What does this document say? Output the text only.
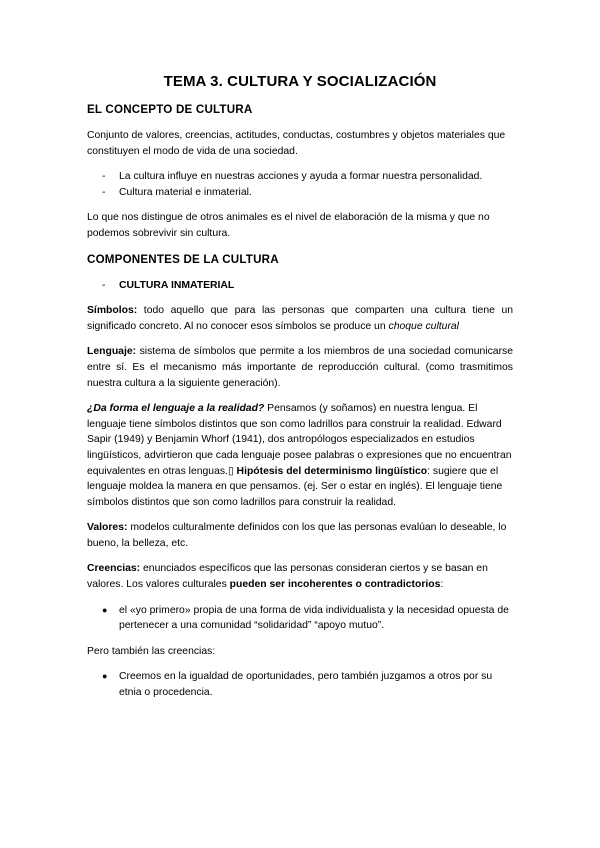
TEMA 3. CULTURA Y SOCIALIZACIÓN
EL CONCEPTO DE CULTURA

Conjunto de valores, creencias, actitudes, conductas, costumbres y objetos materiales que constituyen el modo de vida de una sociedad.

- La cultura influye en nuestras acciones y ayuda a formar nuestra personalidad.
- Cultura material e inmaterial.

Lo que nos distingue de otros animales es el nivel de elaboración de la misma y que no podemos sobrevivir sin cultura.

COMPONENTES DE LA CULTURA
- CULTURA INMATERIAL

Símbolos: todo aquello que para las personas que comparten una cultura tiene un significado concreto. Al no conocer esos símbolos se produce un choque cultural

Lenguaje: sistema de símbolos que permite a los miembros de una sociedad comunicarse entre sí. Es el mecanismo más importante de reproducción cultural. (como trasmitimos nuestra cultura a la siguiente generación).

¿Da forma el lenguaje a la realidad? Pensamos (y soñamos) en nuestra lengua. El lenguaje tiene símbolos distintos que son como ladrillos para construir la realidad. Edward Sapir (1949) y Benjamin Whorf (1941), dos antropólogos especializados en estudios lingüísticos, advirtieron que cada lenguaje posee palabras o expresiones que no encuentran equivalentes en otras lenguas.▯ Hipótesis del determinismo lingüístico: sugiere que el lenguaje moldea la manera en que pensamos. (ej. Ser o estar en inglés). El lenguaje tiene símbolos distintos que son como ladrillos para construir la realidad.

Valores: modelos culturalmente definidos con los que las personas evalúan lo deseable, lo bueno, la belleza, etc.

Creencias: enunciados específicos que las personas consideran ciertos y se basan en valores. Los valores culturales pueden ser incoherentes o contradictorios:

● el «yo primero» propia de una forma de vida individualista y la necesidad opuesta de pertenecer a una comunidad “solidaridad” “apoyo mutuo”.

Pero también las creencias:

● Creemos en la igualdad de oportunidades, pero también juzgamos a otros por su etnia o procedencia.
